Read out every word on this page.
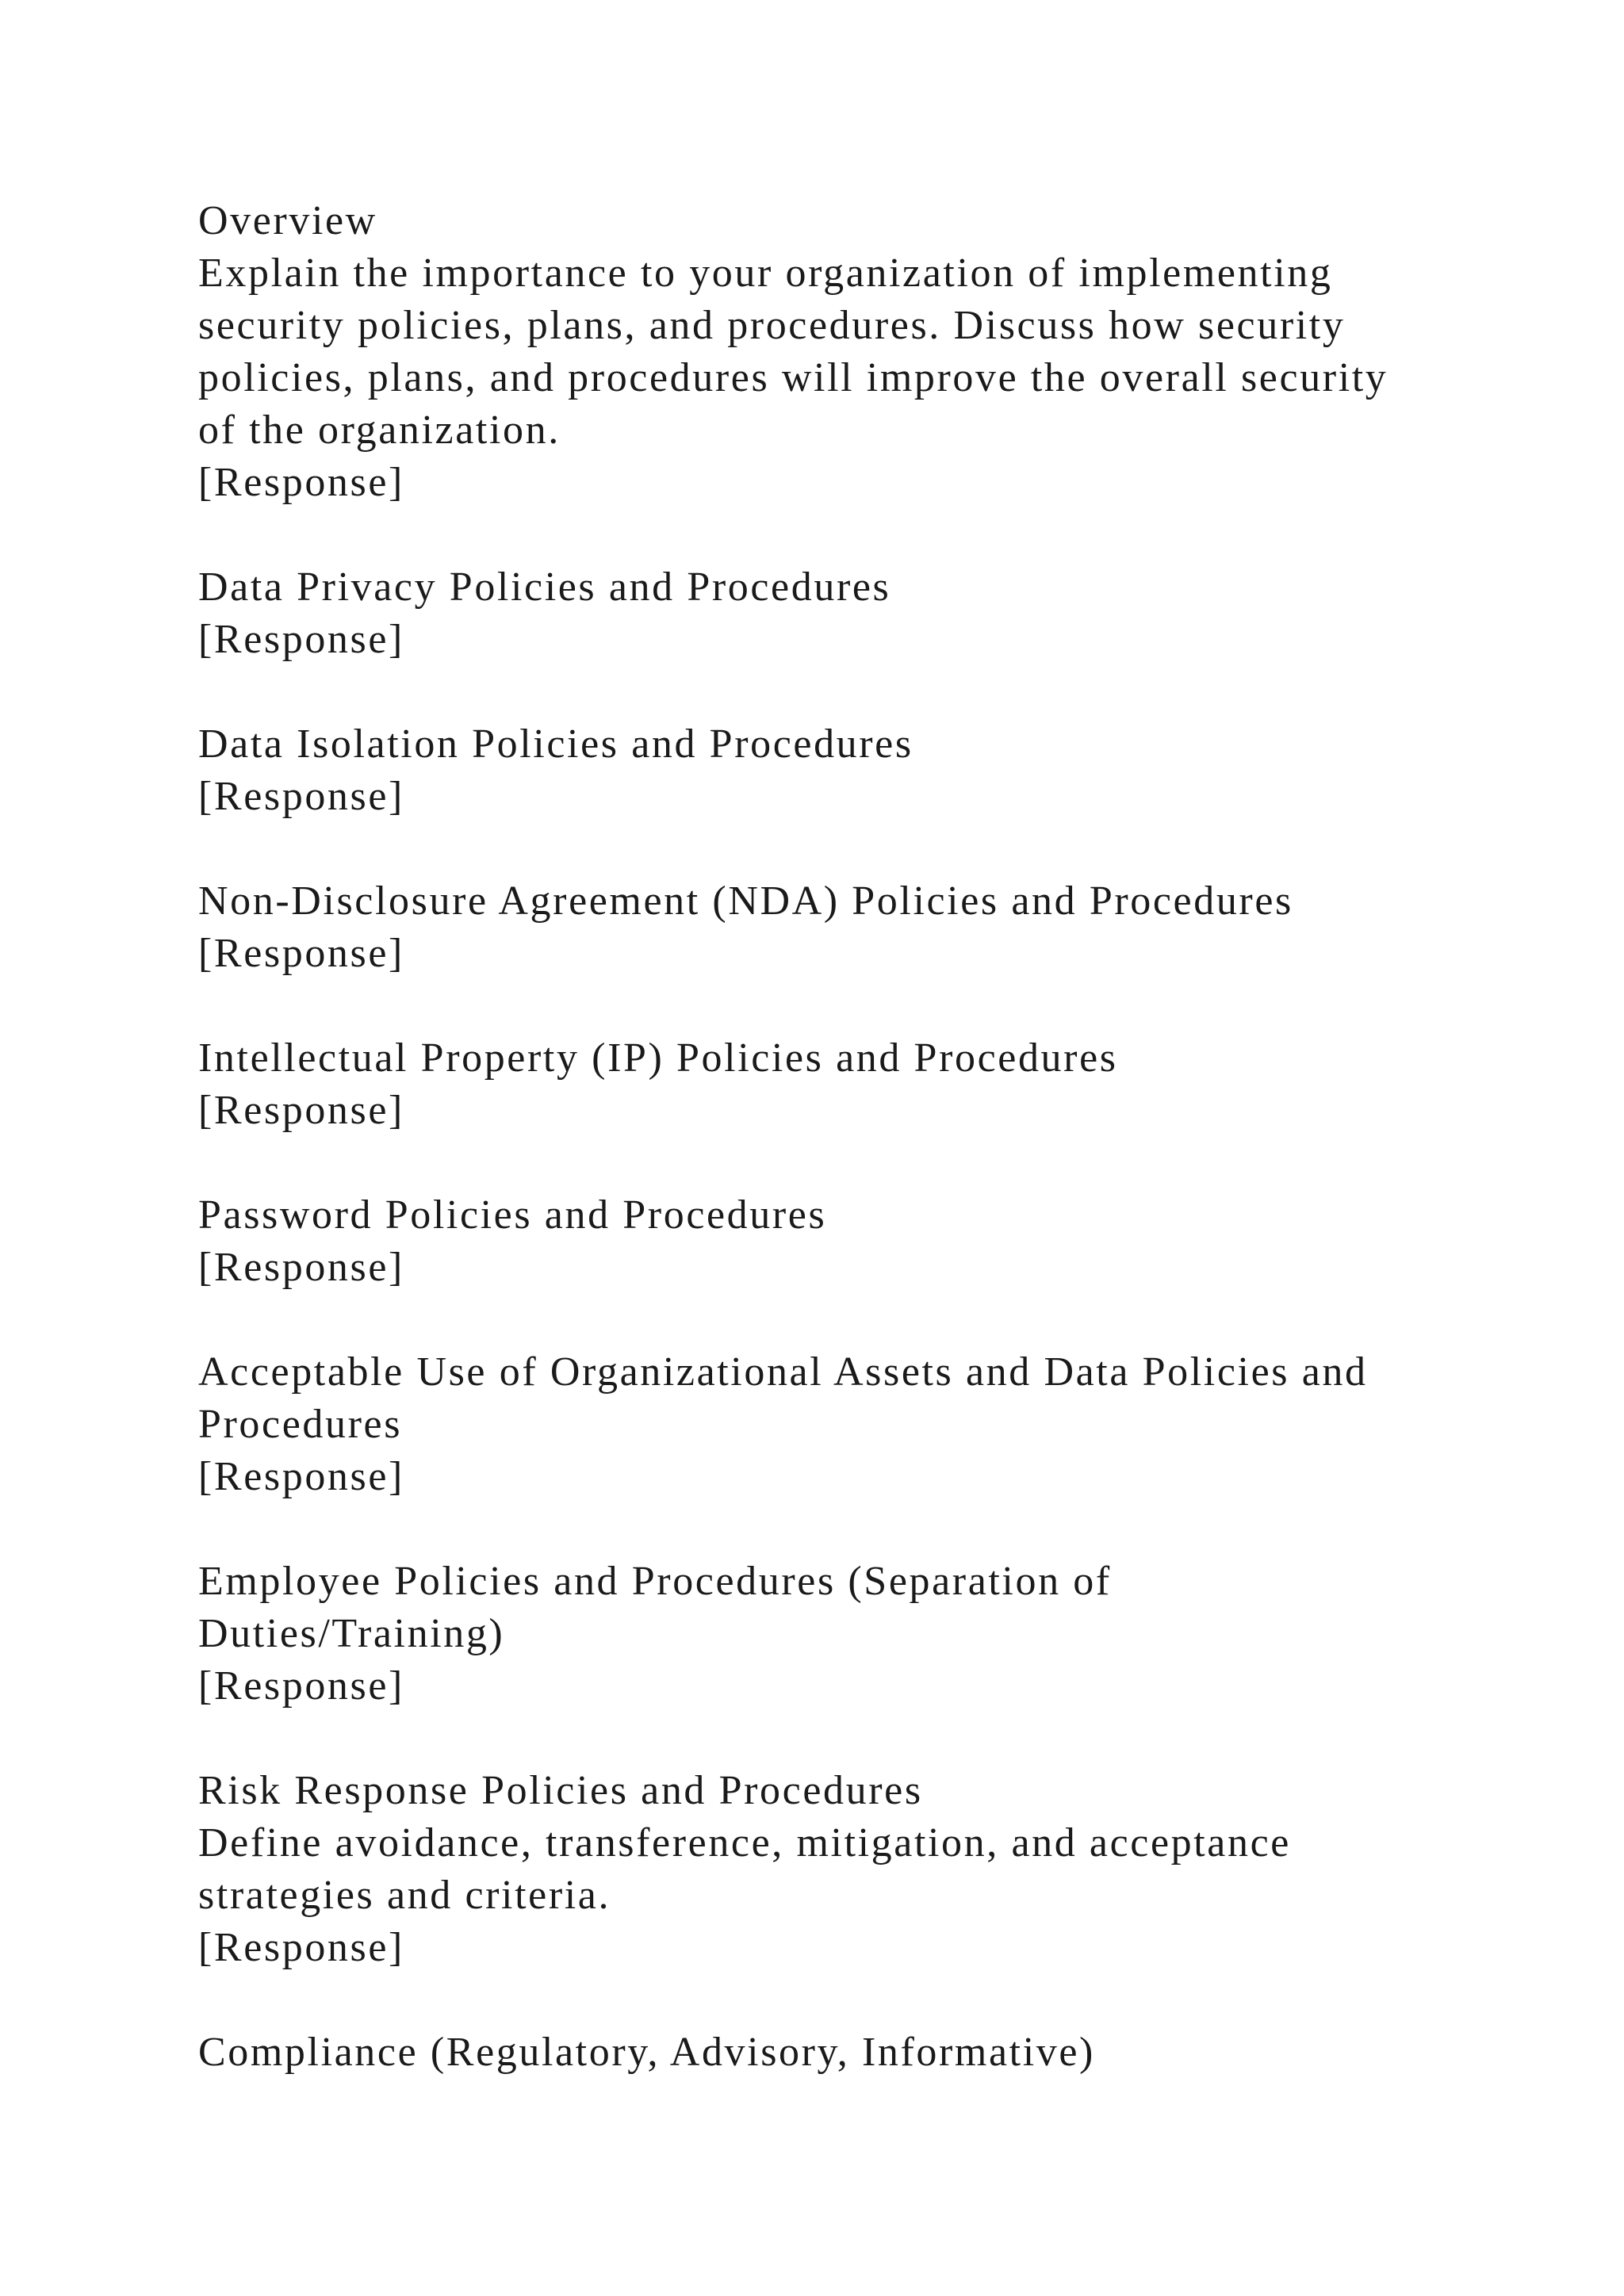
Overview
Explain the importance to your organization of implementing
security policies, plans, and procedures. Discuss how security
policies, plans, and procedures will improve the overall security
of the organization.
[Response]
Data Privacy Policies and Procedures
[Response]
Data Isolation Policies and Procedures
[Response]
Non-Disclosure Agreement (NDA) Policies and Procedures
[Response]
Intellectual Property (IP) Policies and Procedures
[Response]
Password Policies and Procedures
[Response]
Acceptable Use of Organizational Assets and Data Policies and
Procedures
[Response]
Employee Policies and Procedures (Separation of
Duties/Training)
[Response]
Risk Response Policies and Procedures
Define avoidance, transference, mitigation, and acceptance
strategies and criteria.
[Response]
Compliance (Regulatory, Advisory, Informative)
